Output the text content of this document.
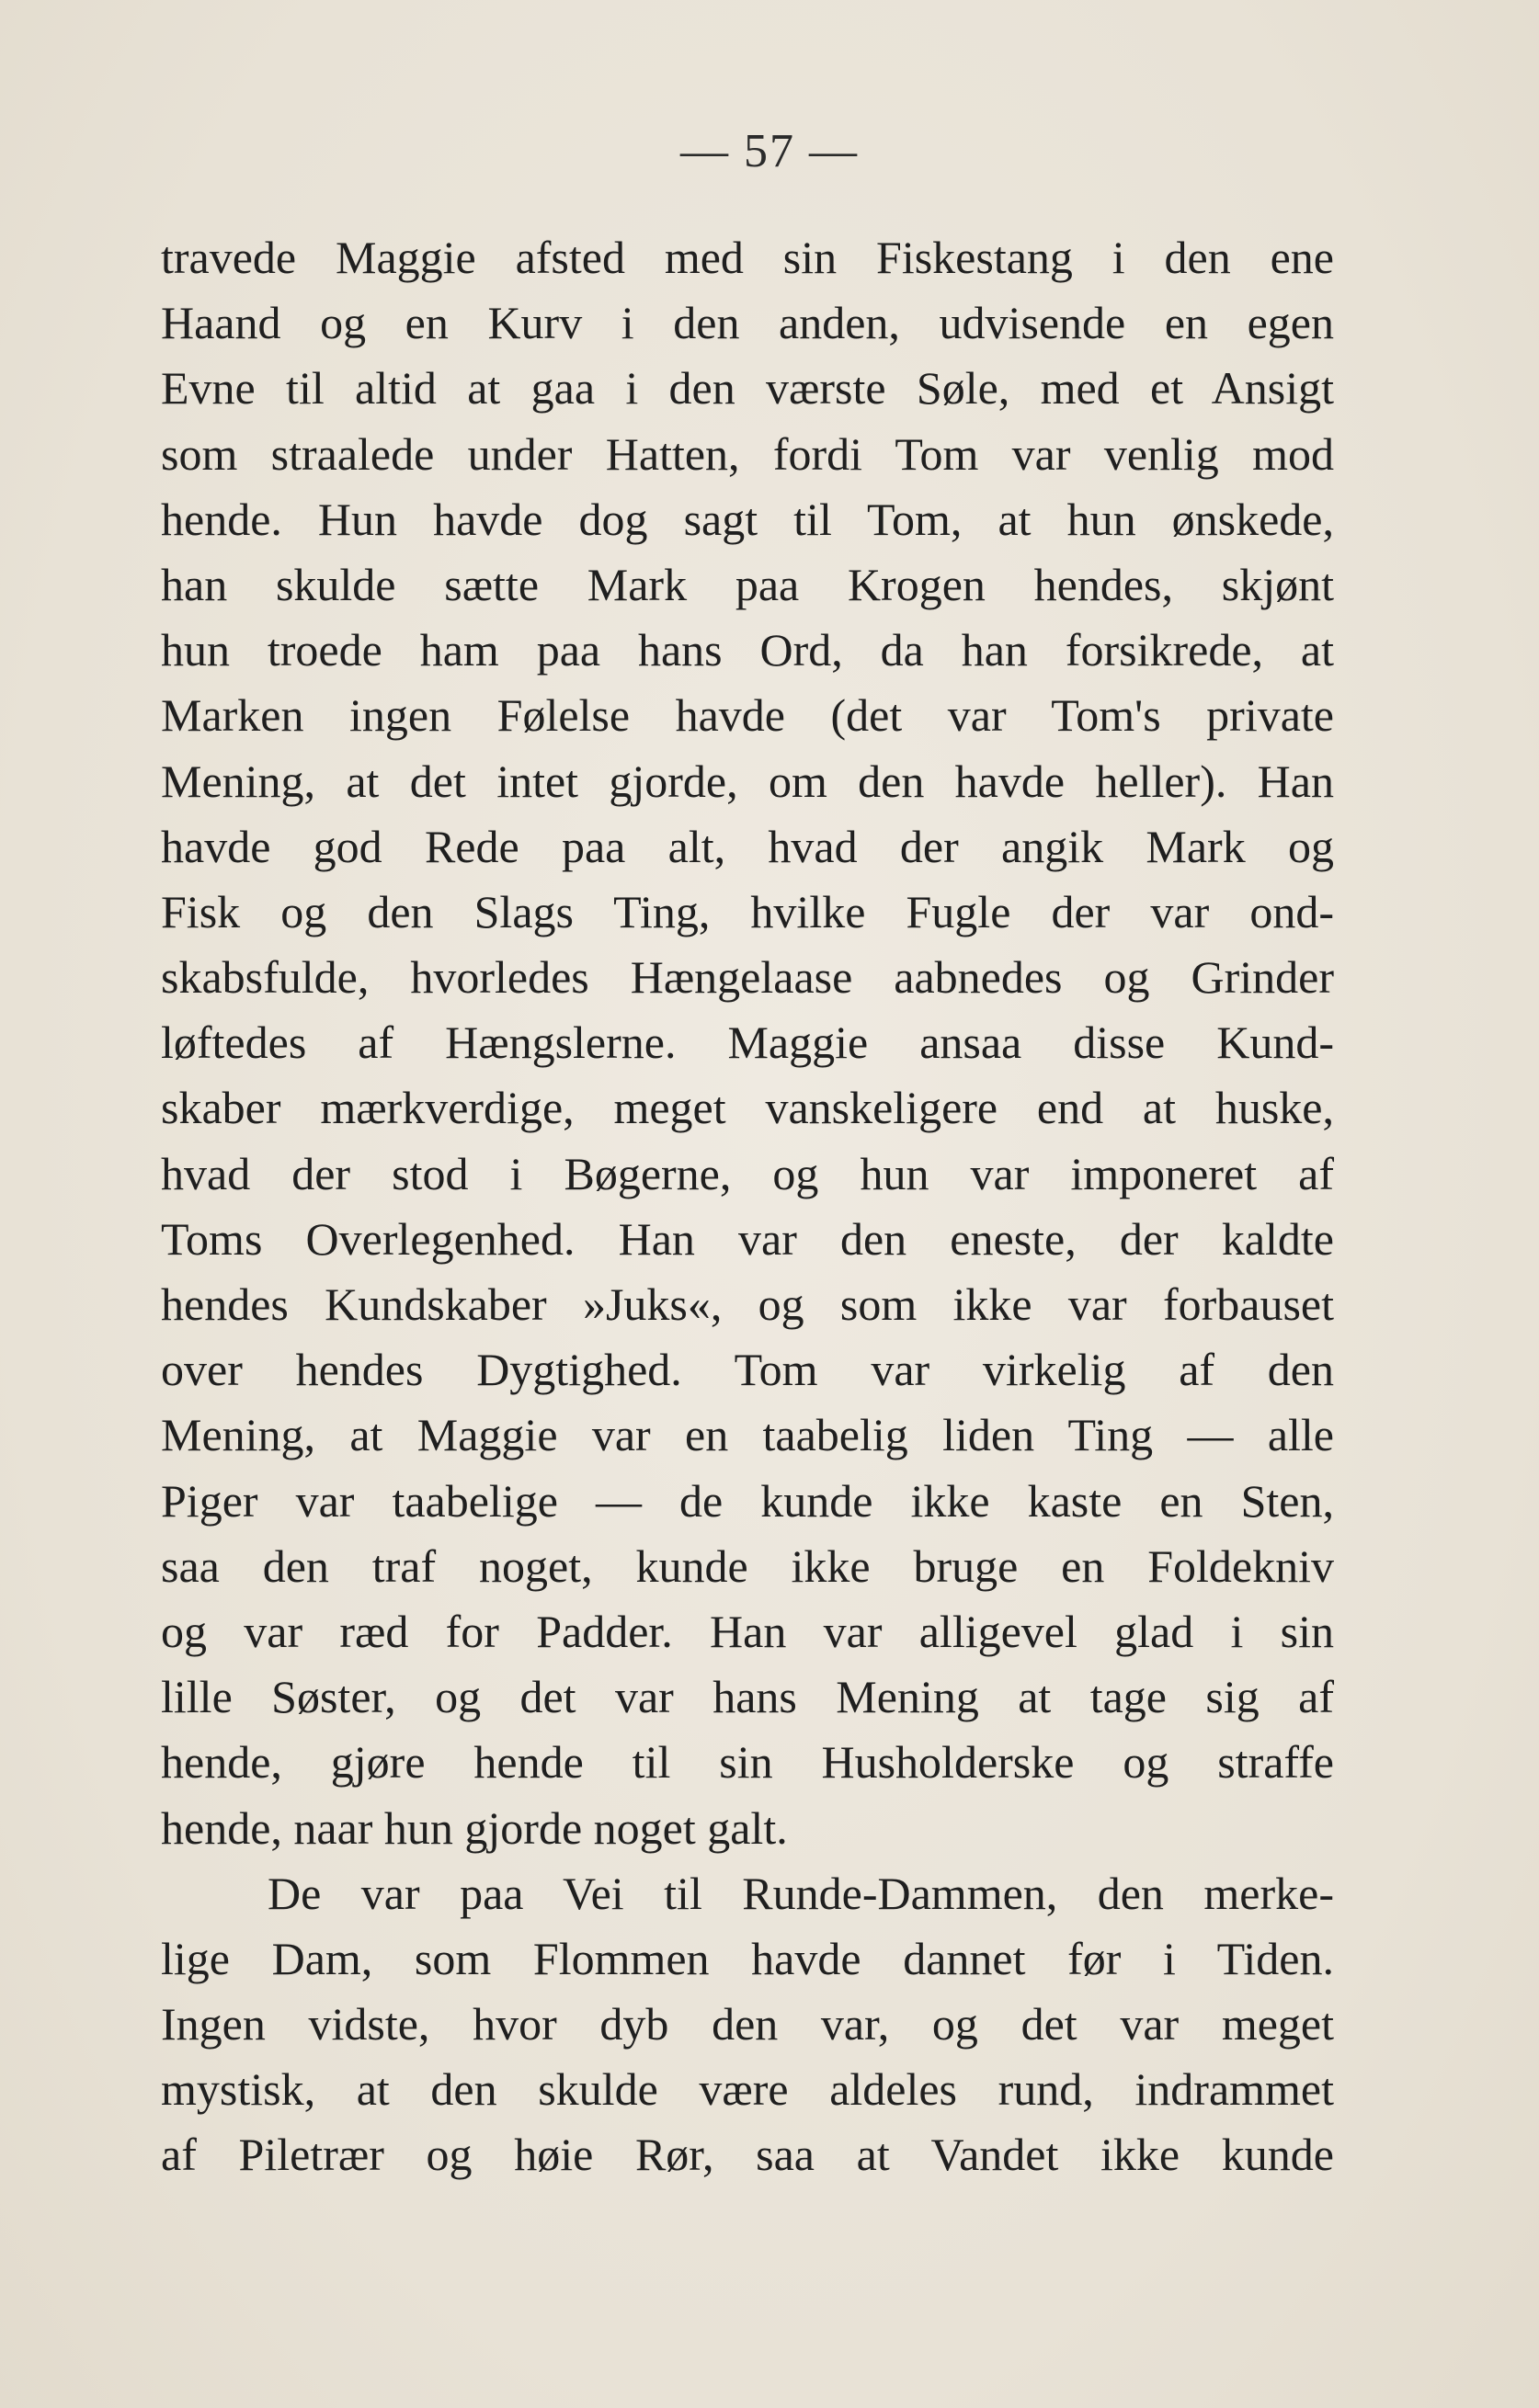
— 57 —
travede Maggie afsted med sin Fiskestang i den ene
Haand og en Kurv i den anden, udvisende en egen
Evne til altid at gaa i den værste Søle, med et Ansigt
som straalede under Hatten, fordi Tom var venlig mod
hende. Hun havde dog sagt til Tom, at hun ønskede,
han skulde sætte Mark paa Krogen hendes, skjønt
hun troede ham paa hans Ord, da han forsikrede, at
Marken ingen Følelse havde (det var Tom's private
Mening, at det intet gjorde, om den havde heller). Han
havde god Rede paa alt, hvad der angik Mark og
Fisk og den Slags Ting, hvilke Fugle der var ond-
skabsfulde, hvorledes Hængelaase aabnedes og Grinder
løftedes af Hængslerne. Maggie ansaa disse Kund-
skaber mærkverdige, meget vanskeligere end at huske,
hvad der stod i Bøgerne, og hun var imponeret af
Toms Overlegenhed. Han var den eneste, der kaldte
hendes Kundskaber »Juks«, og som ikke var forbauset
over hendes Dygtighed. Tom var virkelig af den
Mening, at Maggie var en taabelig liden Ting — alle
Piger var taabelige — de kunde ikke kaste en Sten,
saa den traf noget, kunde ikke bruge en Foldekniv
og var ræd for Padder. Han var alligevel glad i sin
lille Søster, og det var hans Mening at tage sig af
hende, gjøre hende til sin Husholderske og straffe
hende, naar hun gjorde noget galt.
De var paa Vei til Runde-Dammen, den merke-
lige Dam, som Flommen havde dannet før i Tiden.
Ingen vidste, hvor dyb den var, og det var meget
mystisk, at den skulde være aldeles rund, indrammet
af Piletrær og høie Rør, saa at Vandet ikke kunde
